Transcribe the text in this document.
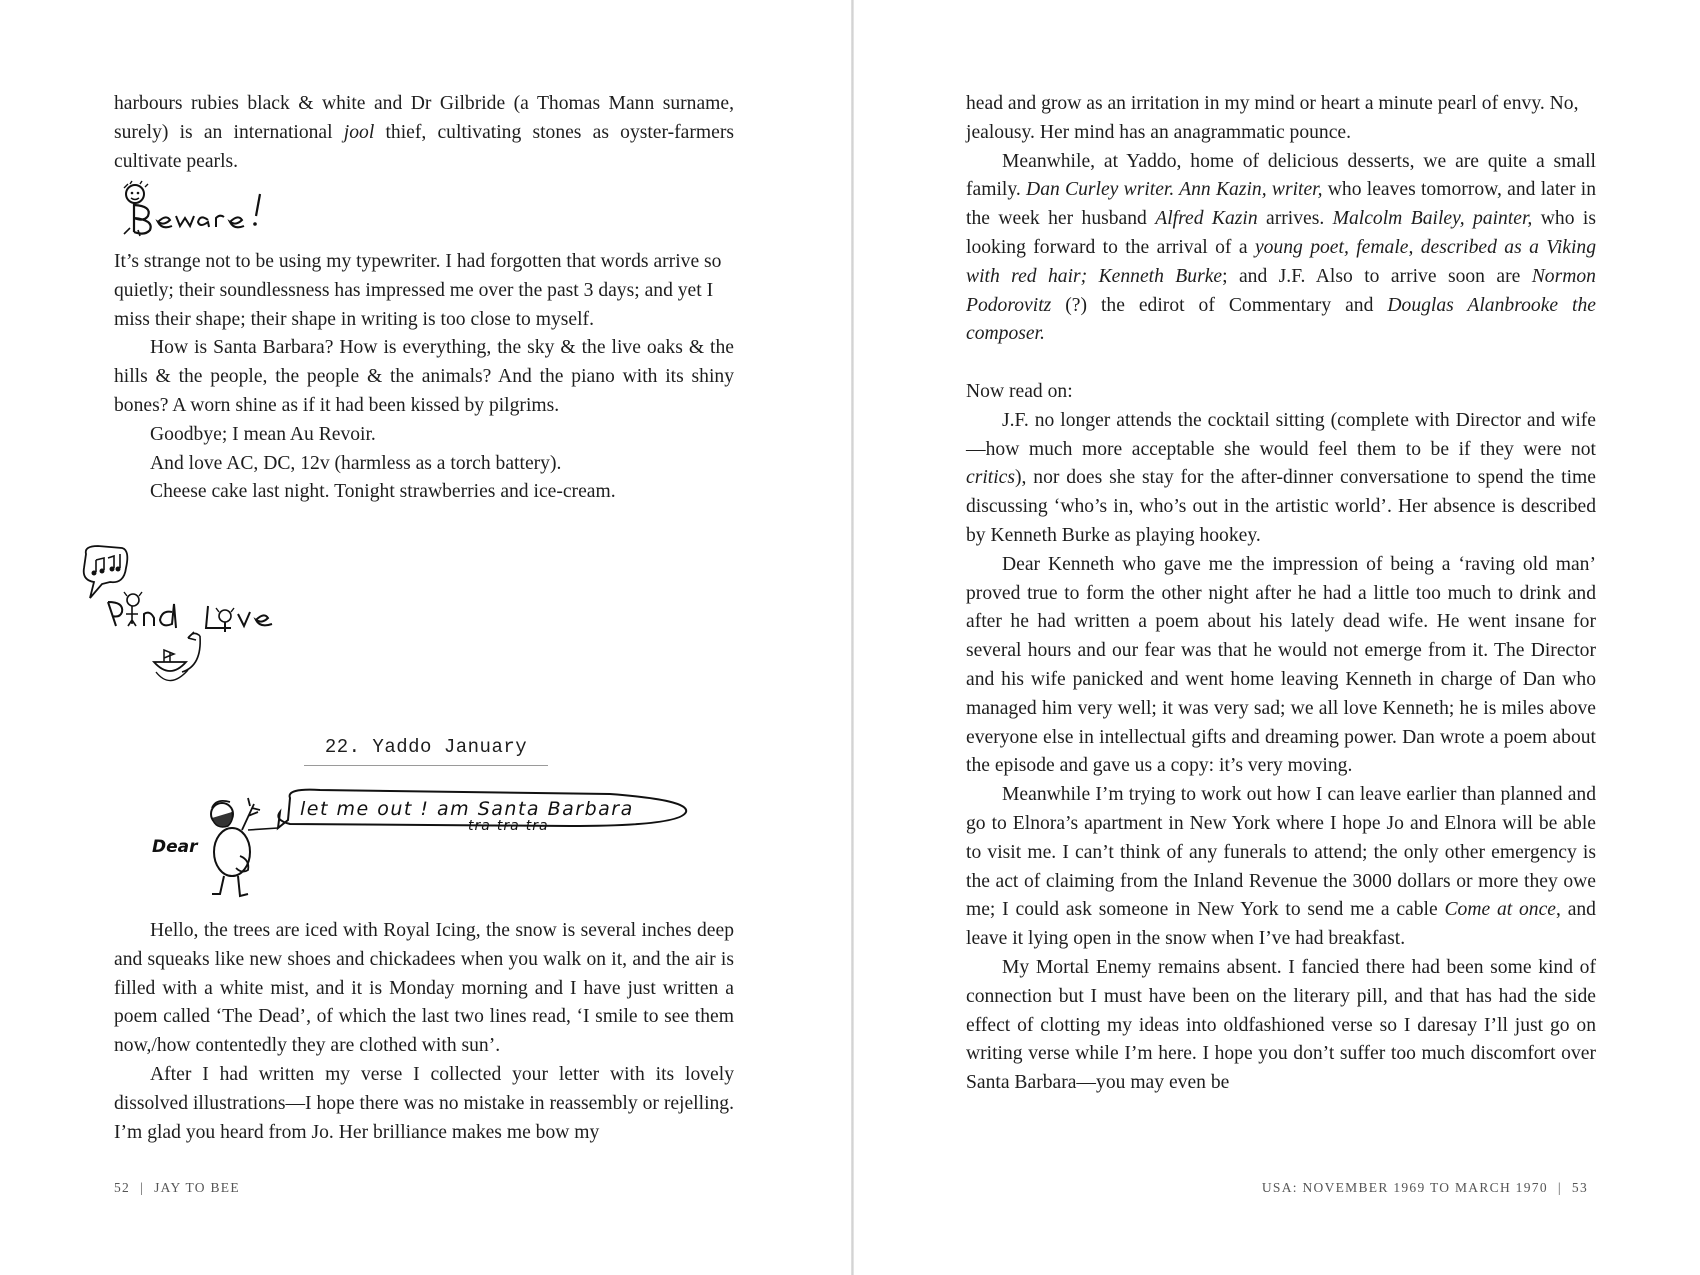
harbours rubies black & white and Dr Gilbride (a Thomas Mann surname, surely) is an international jool thief, cultivating stones as oyster-farmers cultivate pearls.

It’s strange not to be using my typewriter. I had forgotten that words arrive so quietly; their soundlessness has impressed me over the past 3 days; and yet I miss their shape; their shape in writing is too close to myself.

How is Santa Barbara? How is everything, the sky & the live oaks & the hills & the people, the people & the animals? And the piano with its shiny bones? A worn shine as if it had been kissed by pilgrims.

Goodbye; I mean Au Revoir.

And love AC, DC, 12v (harmless as a torch battery).

Cheese cake last night. Tonight strawberries and ice-cream.

22. Yaddo January
Dear
let me out ! am Santa Barbara
tra-tra-tra

Hello, the trees are iced with Royal Icing, the snow is several inches deep and squeaks like new shoes and chickadees when you walk on it, and the air is filled with a white mist, and it is Monday morning and I have just written a poem called ‘The Dead’, of which the last two lines read, ‘I smile to see them now,/how contentedly they are clothed with sun’.

After I had written my verse I collected your letter with its lovely dissolved illustrations—I hope there was no mistake in reassembly or rejelling. I’m glad you heard from Jo. Her brilliance makes me bow my

52 | JAY TO BEE

head and grow as an irritation in my mind or heart a minute pearl of envy. No, jealousy. Her mind has an anagrammatic pounce.

Meanwhile, at Yaddo, home of delicious desserts, we are quite a small family. Dan Curley writer. Ann Kazin, writer, who leaves tomorrow, and later in the week her husband Alfred Kazin arrives. Malcolm Bailey, painter, who is looking forward to the arrival of a young poet, female, described as a Viking with red hair; Kenneth Burke; and J.F. Also to arrive soon are Normon Podorovitz (?) the edirot of Commentary and Douglas Alanbrooke the composer.

Now read on:

J.F. no longer attends the cocktail sitting (complete with Director and wife—how much more acceptable she would feel them to be if they were not critics), nor does she stay for the after-dinner conversatione to spend the time discussing ‘who’s in, who’s out in the artistic world’. Her absence is described by Kenneth Burke as playing hookey.

Dear Kenneth who gave me the impression of being a ‘raving old man’ proved true to form the other night after he had a little too much to drink and after he had written a poem about his lately dead wife. He went insane for several hours and our fear was that he would not emerge from it. The Director and his wife panicked and went home leaving Kenneth in charge of Dan who managed him very well; it was very sad; we all love Kenneth; he is miles above everyone else in intellectual gifts and dreaming power. Dan wrote a poem about the episode and gave us a copy: it’s very moving.

Meanwhile I’m trying to work out how I can leave earlier than planned and go to Elnora’s apartment in New York where I hope Jo and Elnora will be able to visit me. I can’t think of any funerals to attend; the only other emergency is the act of claiming from the Inland Revenue the 3000 dollars or more they owe me; I could ask someone in New York to send me a cable Come at once, and leave it lying open in the snow when I’ve had breakfast.

My Mortal Enemy remains absent. I fancied there had been some kind of connection but I must have been on the literary pill, and that has had the side effect of clotting my ideas into oldfashioned verse so I daresay I’ll just go on writing verse while I’m here. I hope you don’t suffer too much discomfort over Santa Barbara—you may even be

USA: NOVEMBER 1969 TO MARCH 1970 | 53
